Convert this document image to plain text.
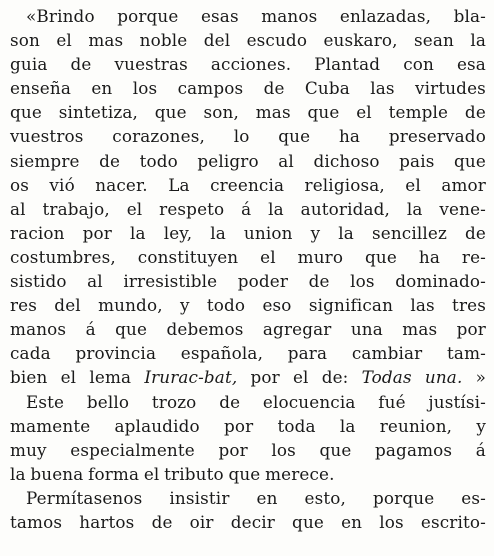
«Brindo porque esas manos enlazadas, bla-
son el mas noble del escudo euskaro, sean la
guia de vuestras acciones. Plantad con esa
enseña en los campos de Cuba las virtudes
que sintetiza, que son, mas que el temple de
vuestros corazones, lo que ha preservado
siempre de todo peligro al dichoso pais que
os vió nacer. La creencia religiosa, el amor
al trabajo, el respeto á la autoridad, la vene-
racion por la ley, la union y la sencillez de
costumbres, constituyen el muro que ha re-
sistido al irresistible poder de los dominado-
res del mundo, y todo eso significan las tres
manos á que debemos agregar una mas por
cada provincia española, para cambiar tam-
bien el lema Irurac-bat, por el de: Todas una. »
Este bello trozo de elocuencia fué justísi-
mamente aplaudido por toda la reunion, y
muy especialmente por los que pagamos á
la buena forma el tributo que merece.
Permítasenos insistir en esto, porque es-
tamos hartos de oir decir que en los escrito-
